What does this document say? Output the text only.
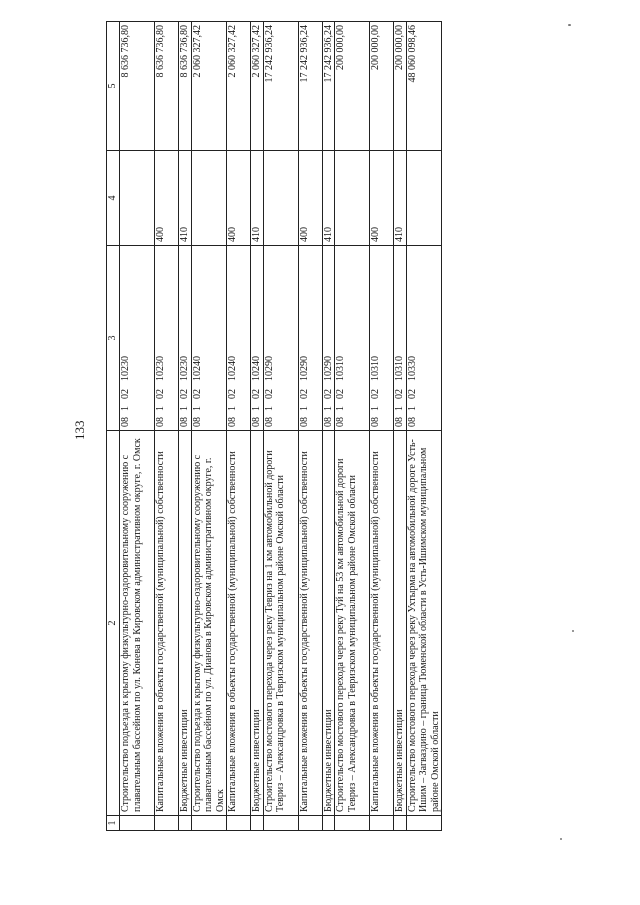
133
1	2	3	4	5
	Строительство подъезда к крытому физкультурно-оздоровительному сооружению с плавательным бассейном по ул. Конева в Кировском административном округе, г. Омск	0810210230		8 636 736,80
	Капитальные вложения в объекты государственной (муниципальной) собственности	0810210230	400	8 636 736,80
	Бюджетные инвестиции	0810210230	410	8 636 736,80
	Строительство подъезда к крытому физкультурно-оздоровительному сооружению с плавательным бассейном по ул. Дианова в Кировском административном округе, г. Омск	0810210240		2 060 327,42
	Капитальные вложения в объекты государственной (муниципальной) собственности	0810210240	400	2 060 327,42
	Бюджетные инвестиции	0810210240	410	2 060 327,42
	Строительство мостового перехода через реку Тевриз на 1 км автомобильной дороги Тевриз – Александровка в Тевризском муниципальном районе Омской области	0810210290		17 242 936,24
	Капитальные вложения в объекты государственной (муниципальной) собственности	0810210290	400	17 242 936,24
	Бюджетные инвестиции	0810210290	410	17 242 936,24
	Строительство мостового перехода через реку Туй на 53 км автомобильной дороги Тевриз – Александровка в Тевризском муниципальном районе Омской области	0810210310		200 000,00
	Капитальные вложения в объекты государственной (муниципальной) собственности	0810210310	400	200 000,00
	Бюджетные инвестиции	0810210310	410	200 000,00
	Строительство мостового перехода через реку Ухтырма на автомобильной дороге Усть-Ишим – Загваздино – граница Тюменской области в Усть-Ишимском муниципальном районе Омской области	0810210330		48 060 098,46
